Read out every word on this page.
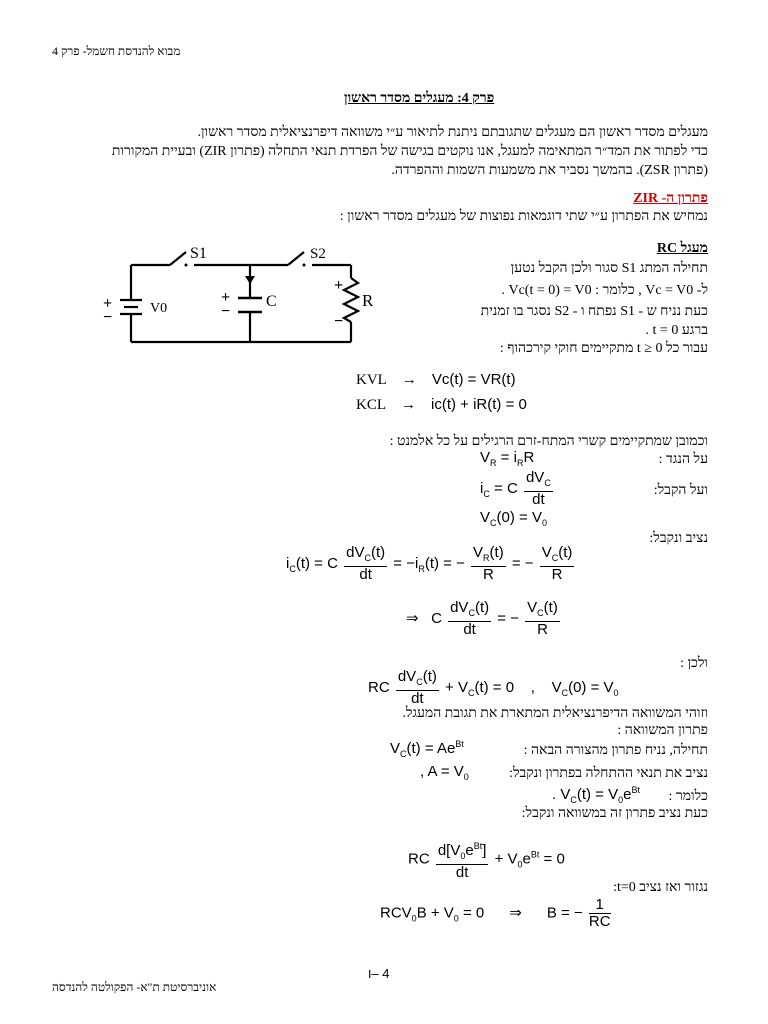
מבוא להנדסת חשמל- פרק 4
פרק 4: מעגלים מסדר ראשון
מעגלים מסדר ראשון הם מעגלים שתגובתם ניתנת לתיאור ע״י משוואה דיפרנציאלית מסדר ראשון.
כדי לפתור את המד״ר המתאימה למעגל, אנו נוקטים בגישה של הפרדת תנאי התחלה (פתרון ZIR) ובעיית המקורות
(פתרון ZSR). בהמשך נסביר את משמעות השמות וההפרדה.
פתרון ה- ZIR
נמחיש את הפתרון ע״י שתי דוגמאות נפוצות של מעגלים מסדר ראשון :
+
−
+
−
+
−
S1	S2
V0	C	R
מעגל RC
תחילה המתג S1 סגור ולכן הקבל נטען
ל- Vc = V0 , כלומר : Vc(t = 0) = V0 .
כעת נניח ש - S1 נפתח ו - S2 נסגר בו זמנית
ברגע t = 0 .
עבור כל t ≥ 0 מתקיימים חוקי קירכהוף :
KVL → Vc(t) = VR(t)
KCL → ic(t) + iR(t) = 0
וכמובן שמתקיימים קשרי המתח-זרם הרגילים על כל אלמנט :
על הנגד :
$V_R = i_RR$
ועל הקבל:
$i_C = C \frac{dV_C}{dt}$
$V_C(0) = V_0$
נציב ונקבל:
$i_C(t) = C \frac{dV_C(t)}{dt} = -i_R(t)$ = − $\frac{V_R(t)}{R}$ = − $\frac{V_C(t)}{R}$
⇒   C $\frac{dV_C(t)}{dt}$ = − $\frac{V_C(t)}{R}$
ולכן :
RC $\frac{dV_C(t)}{dt} + V_C(t) = 0$    ,    $V_C(0) = V_0$
וזוהי המשוואה הדיפרנציאלית המתארת את תגובת המעגל.
פתרון המשוואה :
תחילה, נניח פתרון מהצורה הבאה :
$V_C(t) = Ae^{Bt}$
נציב את תנאי ההתחלה בפתרון ונקבל:
, $A = V_0$
כלומר :
. $V_C(t) = V_0e^{Bt}$
כעת נציב פתרון זה במשוואה ונקבל:
RC $\frac{d[V_0e^{Bt}]}{dt} + V_0e^{Bt} = 0$
נגזור ואז נציב t=0:
$RCV_0B + V_0 = 0$      ⇒      B = − $\frac{1}{RC}$
4 –ו
אוניברסיטת ת"א- הפקולטה להנדסה
